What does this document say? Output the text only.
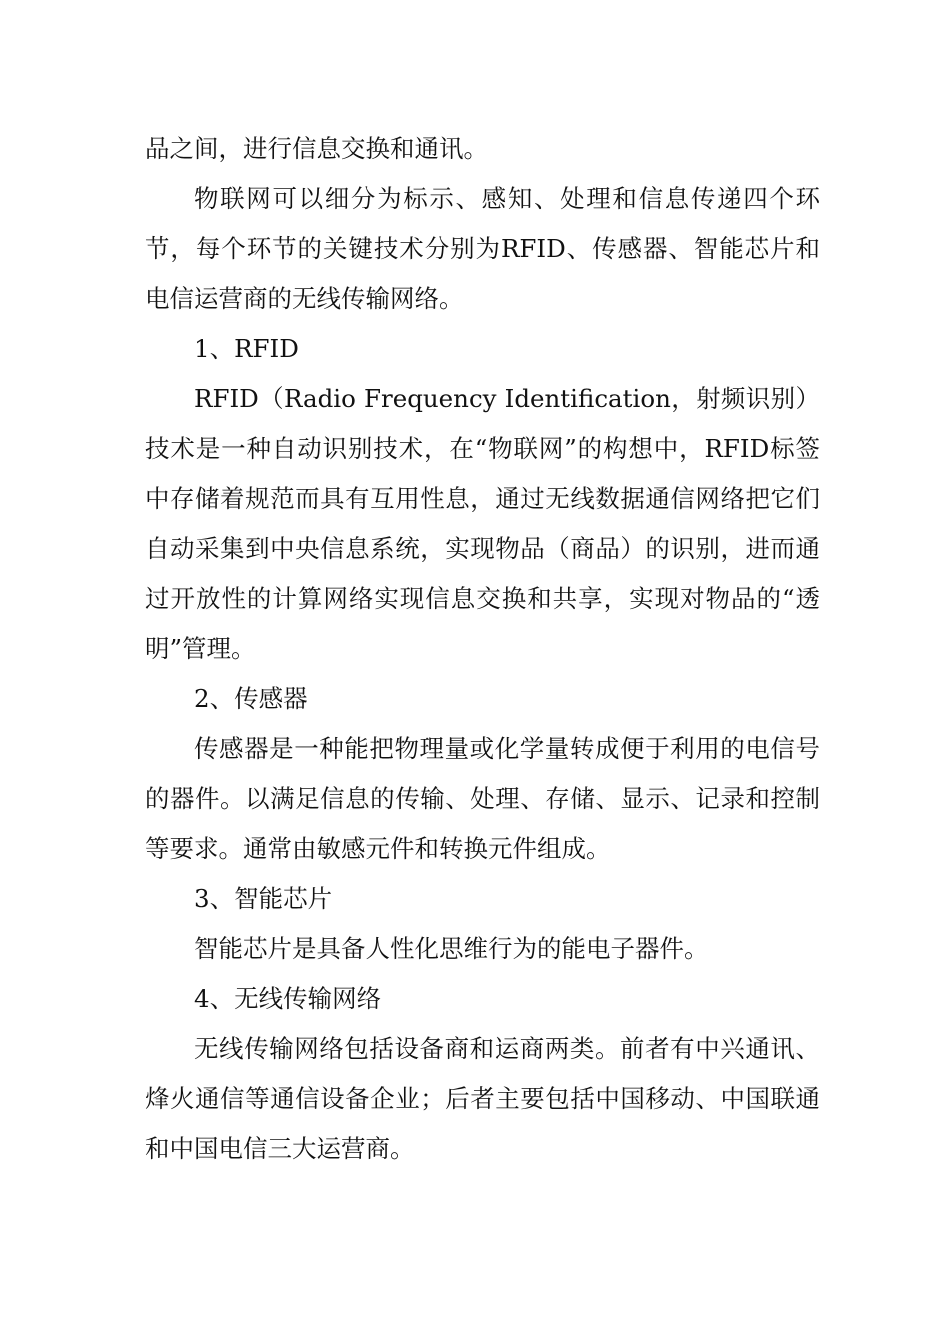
品之间，进行信息交换和通讯。

物联网可以细分为标示、感知、处理和信息传递四个环节，每个环节的关键技术分别为RFID、传感器、智能芯片和电信运营商的无线传输网络。

1、RFID

RFID（Radio Frequency Identification，射频识别）技术是一种自动识别技术，在“物联网”的构想中，RFID标签中存储着规范而具有互用性息，通过无线数据通信网络把它们自动采集到中央信息系统，实现物品（商品）的识别，进而通过开放性的计算网络实现信息交换和共享，实现对物品的“透明”管理。

2、传感器

传感器是一种能把物理量或化学量转成便于利用的电信号的器件。以满足信息的传输、处理、存储、显示、记录和控制等要求。通常由敏感元件和转换元件组成。

3、智能芯片

智能芯片是具备人性化思维行为的能电子器件。

4、无线传输网络

无线传输网络包括设备商和运商两类。前者有中兴通讯、烽火通信等通信设备企业；后者主要包括中国移动、中国联通和中国电信三大运营商。
